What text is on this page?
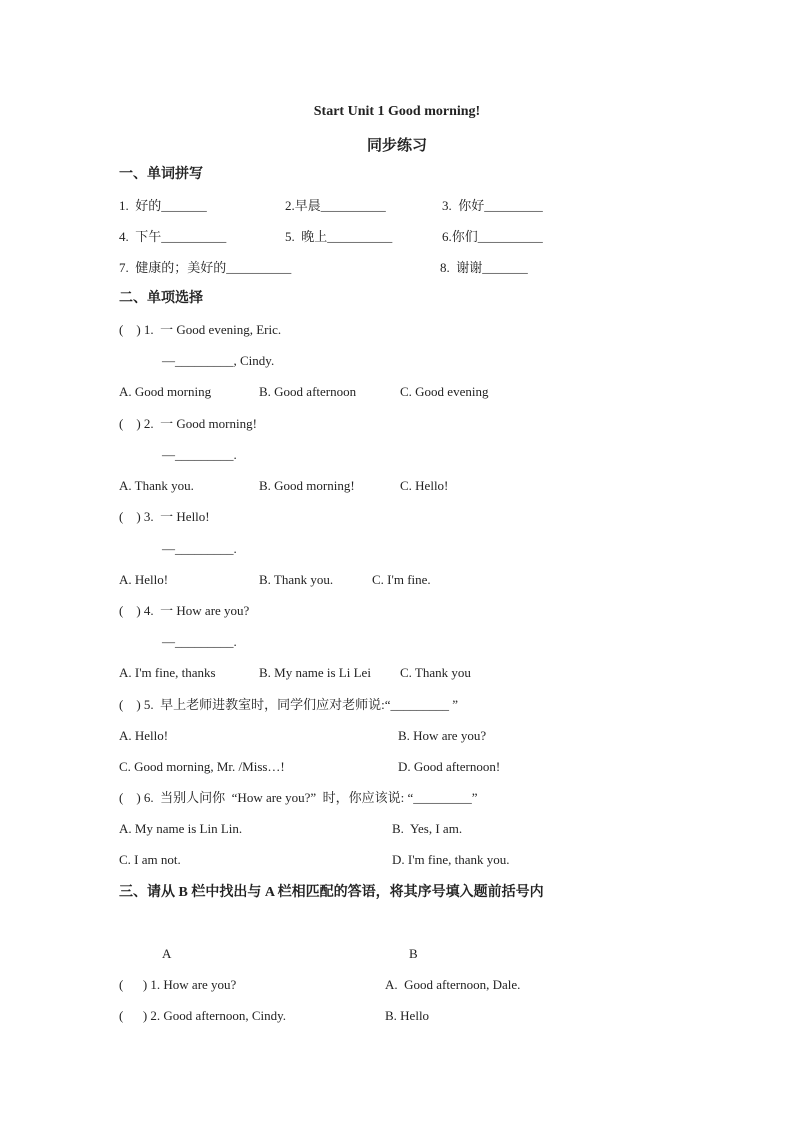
Start Unit 1 Good morning!
同步练习
一、单词拼写
1.  好的_______	2.早晨__________	3.  你好_________
4.  下午__________	5.  晚上__________	6.你们__________
7.  健康的；美好的__________	8.  谢谢_______
二、单项选择
(    ) 1.  一 Good evening, Eric.
—_________, Cindy.
A. Good morning	B. Good afternoon	C. Good evening
(    ) 2.  一 Good morning!
—_________.
A. Thank you.	B. Good morning!	C. Hello!
(    ) 3.  一 Hello!
—_________.
A. Hello!	B. Thank you.	C. I'm fine.
(    ) 4.  一 How are you?
—_________.
A. I'm fine, thanks	B. My name is Li Lei C. Thank you
(    ) 5.  早上老师进教室时，同学们应对老师说:“_________ ”
A. Hello!	B. How are you?
C. Good morning, Mr. /Miss…!	D. Good afternoon!
(    ) 6.  当别人问你  “How are you?”  时，你应该说: “_________”
A. My name is Lin Lin.	B.  Yes, I am.
C. I am not.	D. I'm fine, thank you.
三、请从 B 栏中找出与 A 栏相匹配的答语，将其序号填入题前括号内
A	B
(      ) 1. How are you?	A.  Good afternoon, Dale.
(      ) 2. Good afternoon, Cindy.	B. Hello
